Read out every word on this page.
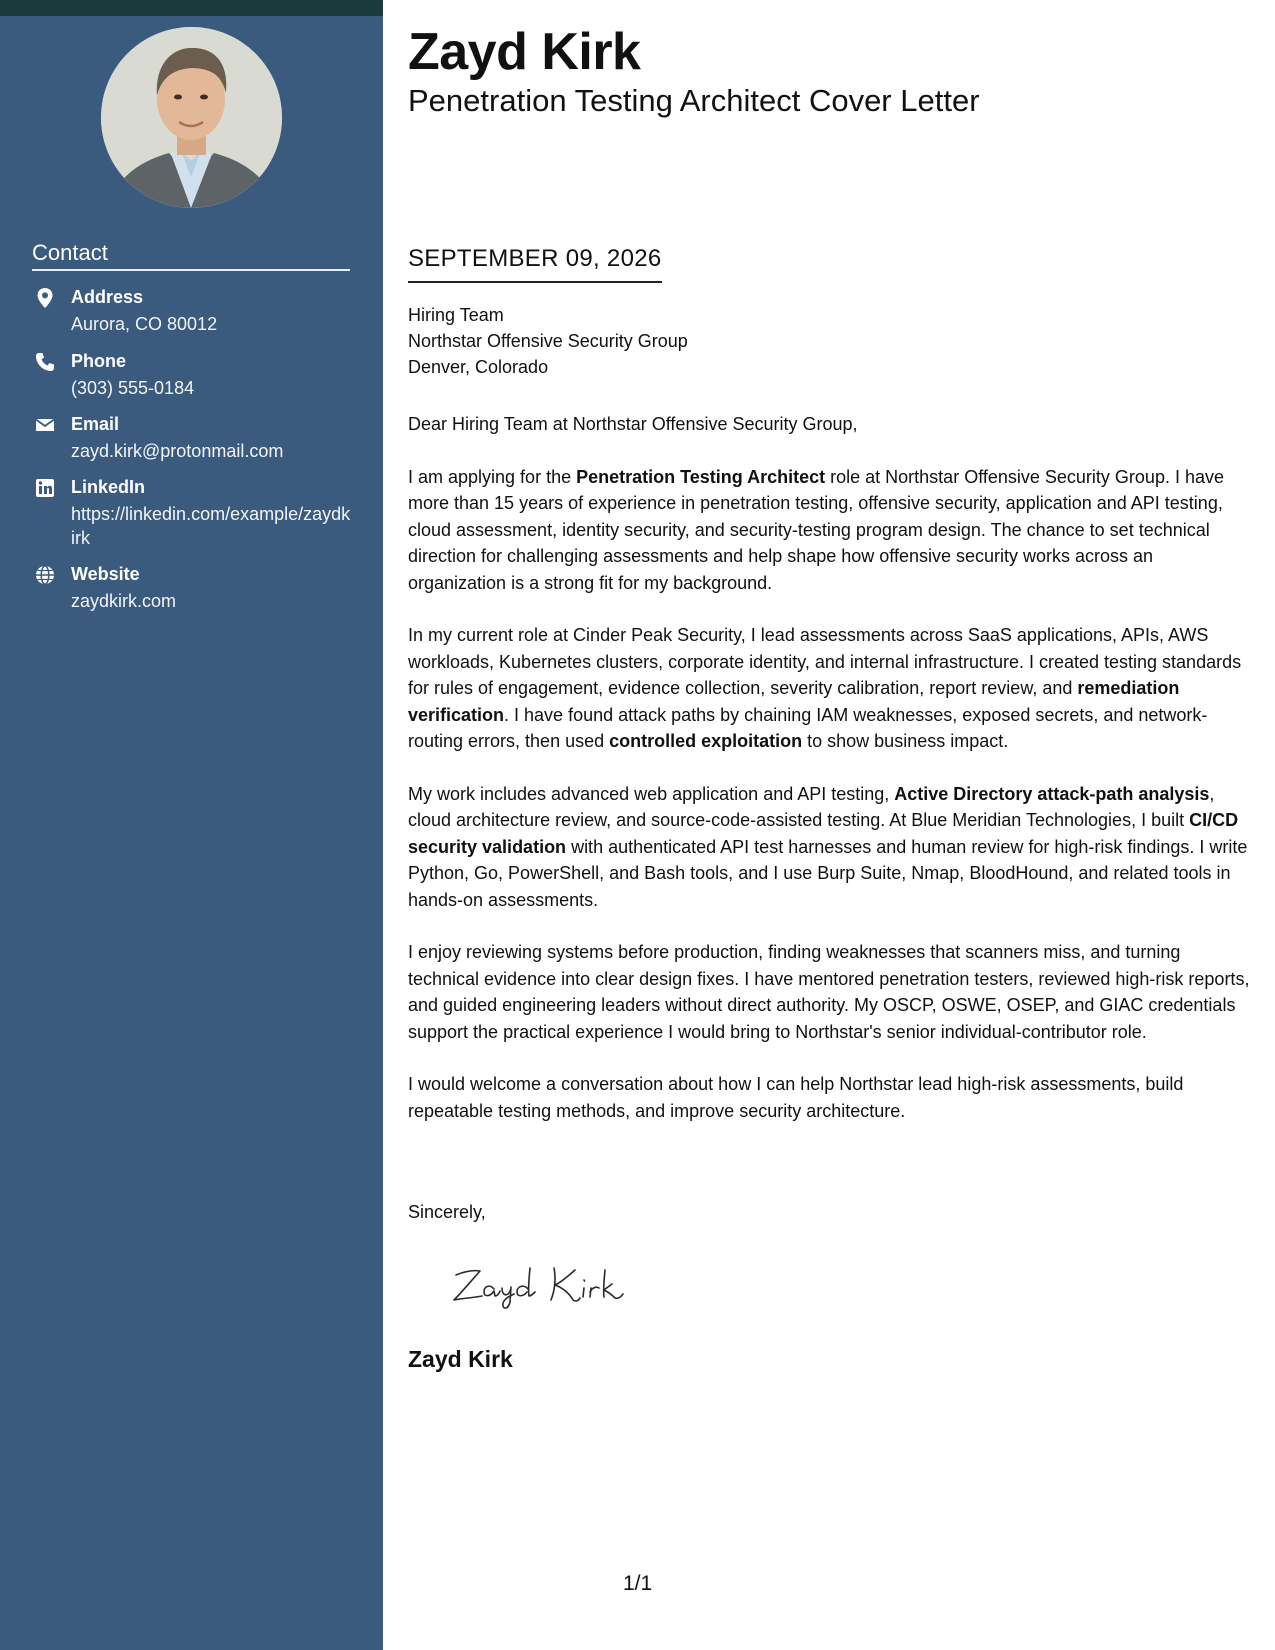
Contact
Address
Aurora, CO 80012
Phone
(303) 555-0184
Email
zayd.kirk@protonmail.com
LinkedIn
https://linkedin.com/example/zaydkirk
Website
zaydkirk.com
Zayd Kirk
Penetration Testing Architect Cover Letter
SEPTEMBER 09, 2026
Hiring Team
Northstar Offensive Security Group
Denver, Colorado

Dear Hiring Team at Northstar Offensive Security Group,

I am applying for the Penetration Testing Architect role at Northstar Offensive Security Group. I have more than 15 years of experience in penetration testing, offensive security, application and API testing, cloud assessment, identity security, and security-testing program design. The chance to set technical direction for challenging assessments and help shape how offensive security works across an organization is a strong fit for my background.

In my current role at Cinder Peak Security, I lead assessments across SaaS applications, APIs, AWS workloads, Kubernetes clusters, corporate identity, and internal infrastructure. I created testing standards for rules of engagement, evidence collection, severity calibration, report review, and remediation verification. I have found attack paths by chaining IAM weaknesses, exposed secrets, and network-routing errors, then used controlled exploitation to show business impact.

My work includes advanced web application and API testing, Active Directory attack-path analysis, cloud architecture review, and source-code-assisted testing. At Blue Meridian Technologies, I built CI/CD security validation with authenticated API test harnesses and human review for high-risk findings. I write Python, Go, PowerShell, and Bash tools, and I use Burp Suite, Nmap, BloodHound, and related tools in hands-on assessments.

I enjoy reviewing systems before production, finding weaknesses that scanners miss, and turning technical evidence into clear design fixes. I have mentored penetration testers, reviewed high-risk reports, and guided engineering leaders without direct authority. My OSCP, OSWE, OSEP, and GIAC credentials support the practical experience I would bring to Northstar's senior individual-contributor role.

I would welcome a conversation about how I can help Northstar lead high-risk assessments, build repeatable testing methods, and improve security architecture.

Sincerely,
Zayd Kirk
1/1
